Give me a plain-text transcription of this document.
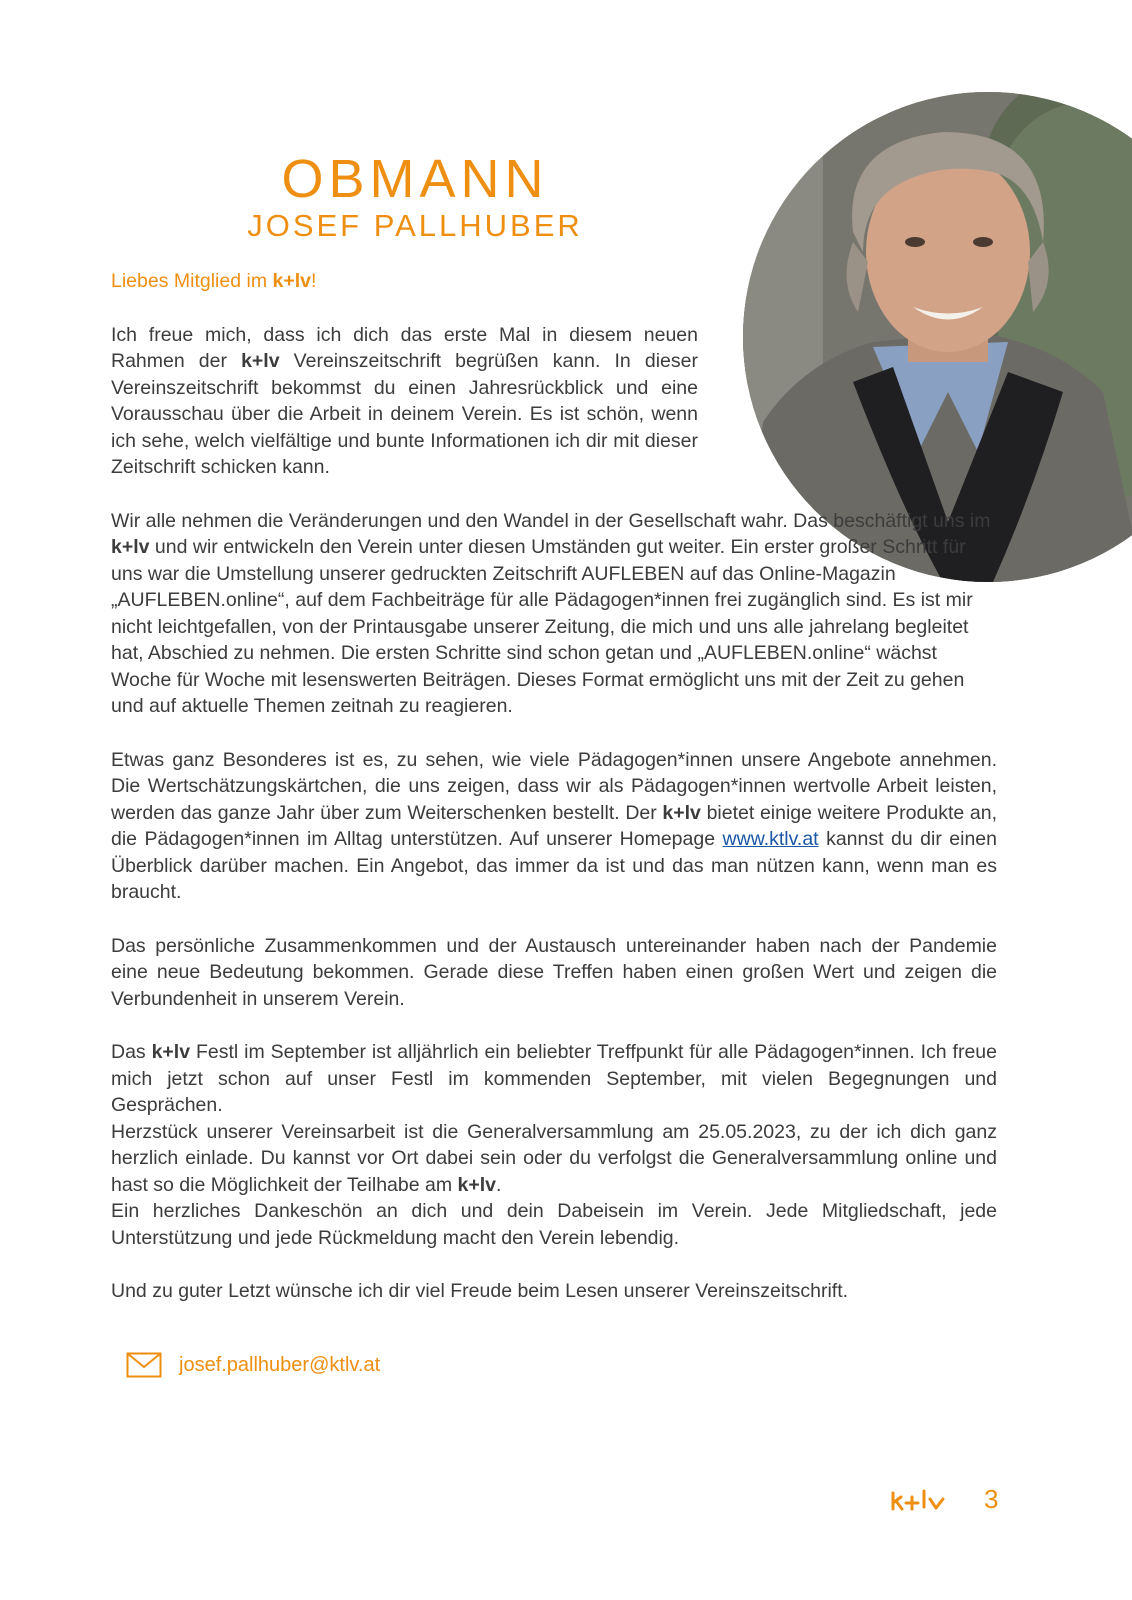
OBMANN
JOSEF PALLHUBER

Liebes Mitglied im k+lv!

Ich freue mich, dass ich dich das erste Mal in diesem neuen Rahmen der k+lv Vereinszeitschrift begrüßen kann. In dieser Vereinszeitschrift bekommst du einen Jahresrückblick und eine Vorausschau über die Arbeit in deinem Verein. Es ist schön, wenn ich sehe, welch vielfältige und bunte Informationen ich dir mit dieser Zeitschrift schicken kann.

Wir alle nehmen die Veränderungen und den Wandel in der Gesellschaft wahr. Das beschäftigt uns im k+lv und wir entwickeln den Verein unter diesen Umständen gut weiter. Ein erster großer Schritt für uns war die Umstellung unserer gedruckten Zeitschrift AUFLEBEN auf das Online-Magazin „AUFLEBEN.online“, auf dem Fachbeiträge für alle Pädagogen*innen frei zugänglich sind. Es ist mir nicht leichtgefallen, von der Printausgabe unserer Zeitung, die mich und uns alle jahrelang begleitet hat, Abschied zu nehmen. Die ersten Schritte sind schon getan und „AUFLEBEN.online“ wächst Woche für Woche mit lesenswerten Beiträgen. Dieses Format ermöglicht uns mit der Zeit zu gehen und auf aktuelle Themen zeitnah zu reagieren.

Etwas ganz Besonderes ist es, zu sehen, wie viele Pädagogen*innen unsere Angebote annehmen. Die Wertschätzungskärtchen, die uns zeigen, dass wir als Pädagogen*innen wertvolle Arbeit leisten, werden das ganze Jahr über zum Weiterschenken bestellt. Der k+lv bietet einige weitere Produkte an, die Pädagogen*innen im Alltag unterstützen. Auf unserer Homepage www.ktlv.at kannst du dir einen Überblick darüber machen. Ein Angebot, das immer da ist und das man nützen kann, wenn man es braucht.

Das persönliche Zusammenkommen und der Austausch untereinander haben nach der Pandemie eine neue Bedeutung bekommen. Gerade diese Treffen haben einen großen Wert und zeigen die Verbundenheit in unserem Verein.

Das k+lv Festl im September ist alljährlich ein beliebter Treffpunkt für alle Pädagogen*innen. Ich freue mich jetzt schon auf unser Festl im kommenden September, mit vielen Begegnungen und Gesprächen.

Herzstück unserer Vereinsarbeit ist die Generalversammlung am 25.05.2023, zu der ich dich ganz herzlich einlade. Du kannst vor Ort dabei sein oder du verfolgst die Generalversammlung online und hast so die Möglichkeit der Teilhabe am k+lv.

Ein herzliches Dankeschön an dich und dein Dabeisein im Verein. Jede Mitgliedschaft, jede Unterstützung und jede Rückmeldung macht den Verein lebendig.

Und zu guter Letzt wünsche ich dir viel Freude beim Lesen unserer Vereinszeitschrift.

josef.pallhuber@ktlv.at
3
